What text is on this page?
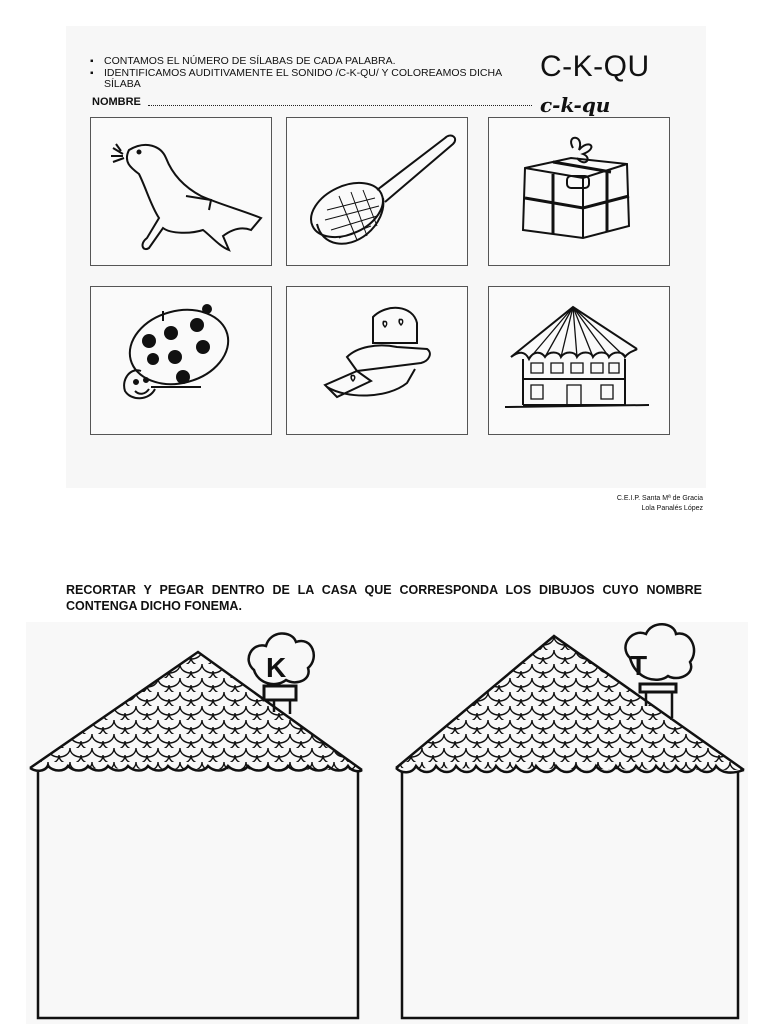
▪ CONTAMOS EL NÚMERO DE SÍLABAS DE CADA PALABRA.
▪ IDENTIFICAMOS AUDITIVAMENTE EL SONIDO /C-K-QU/ Y COLOREAMOS DICHA SÍLABA
C-K-QU
c-k-qu
NOMBRE
C.E.I.P. Santa Mª de Gracia
Lola Panalés López
RECORTAR Y PEGAR DENTRO DE LA CASA QUE CORRESPONDA LOS DIBUJOS CUYO NOMBRE CONTENGA DICHO FONEMA.
K	T
